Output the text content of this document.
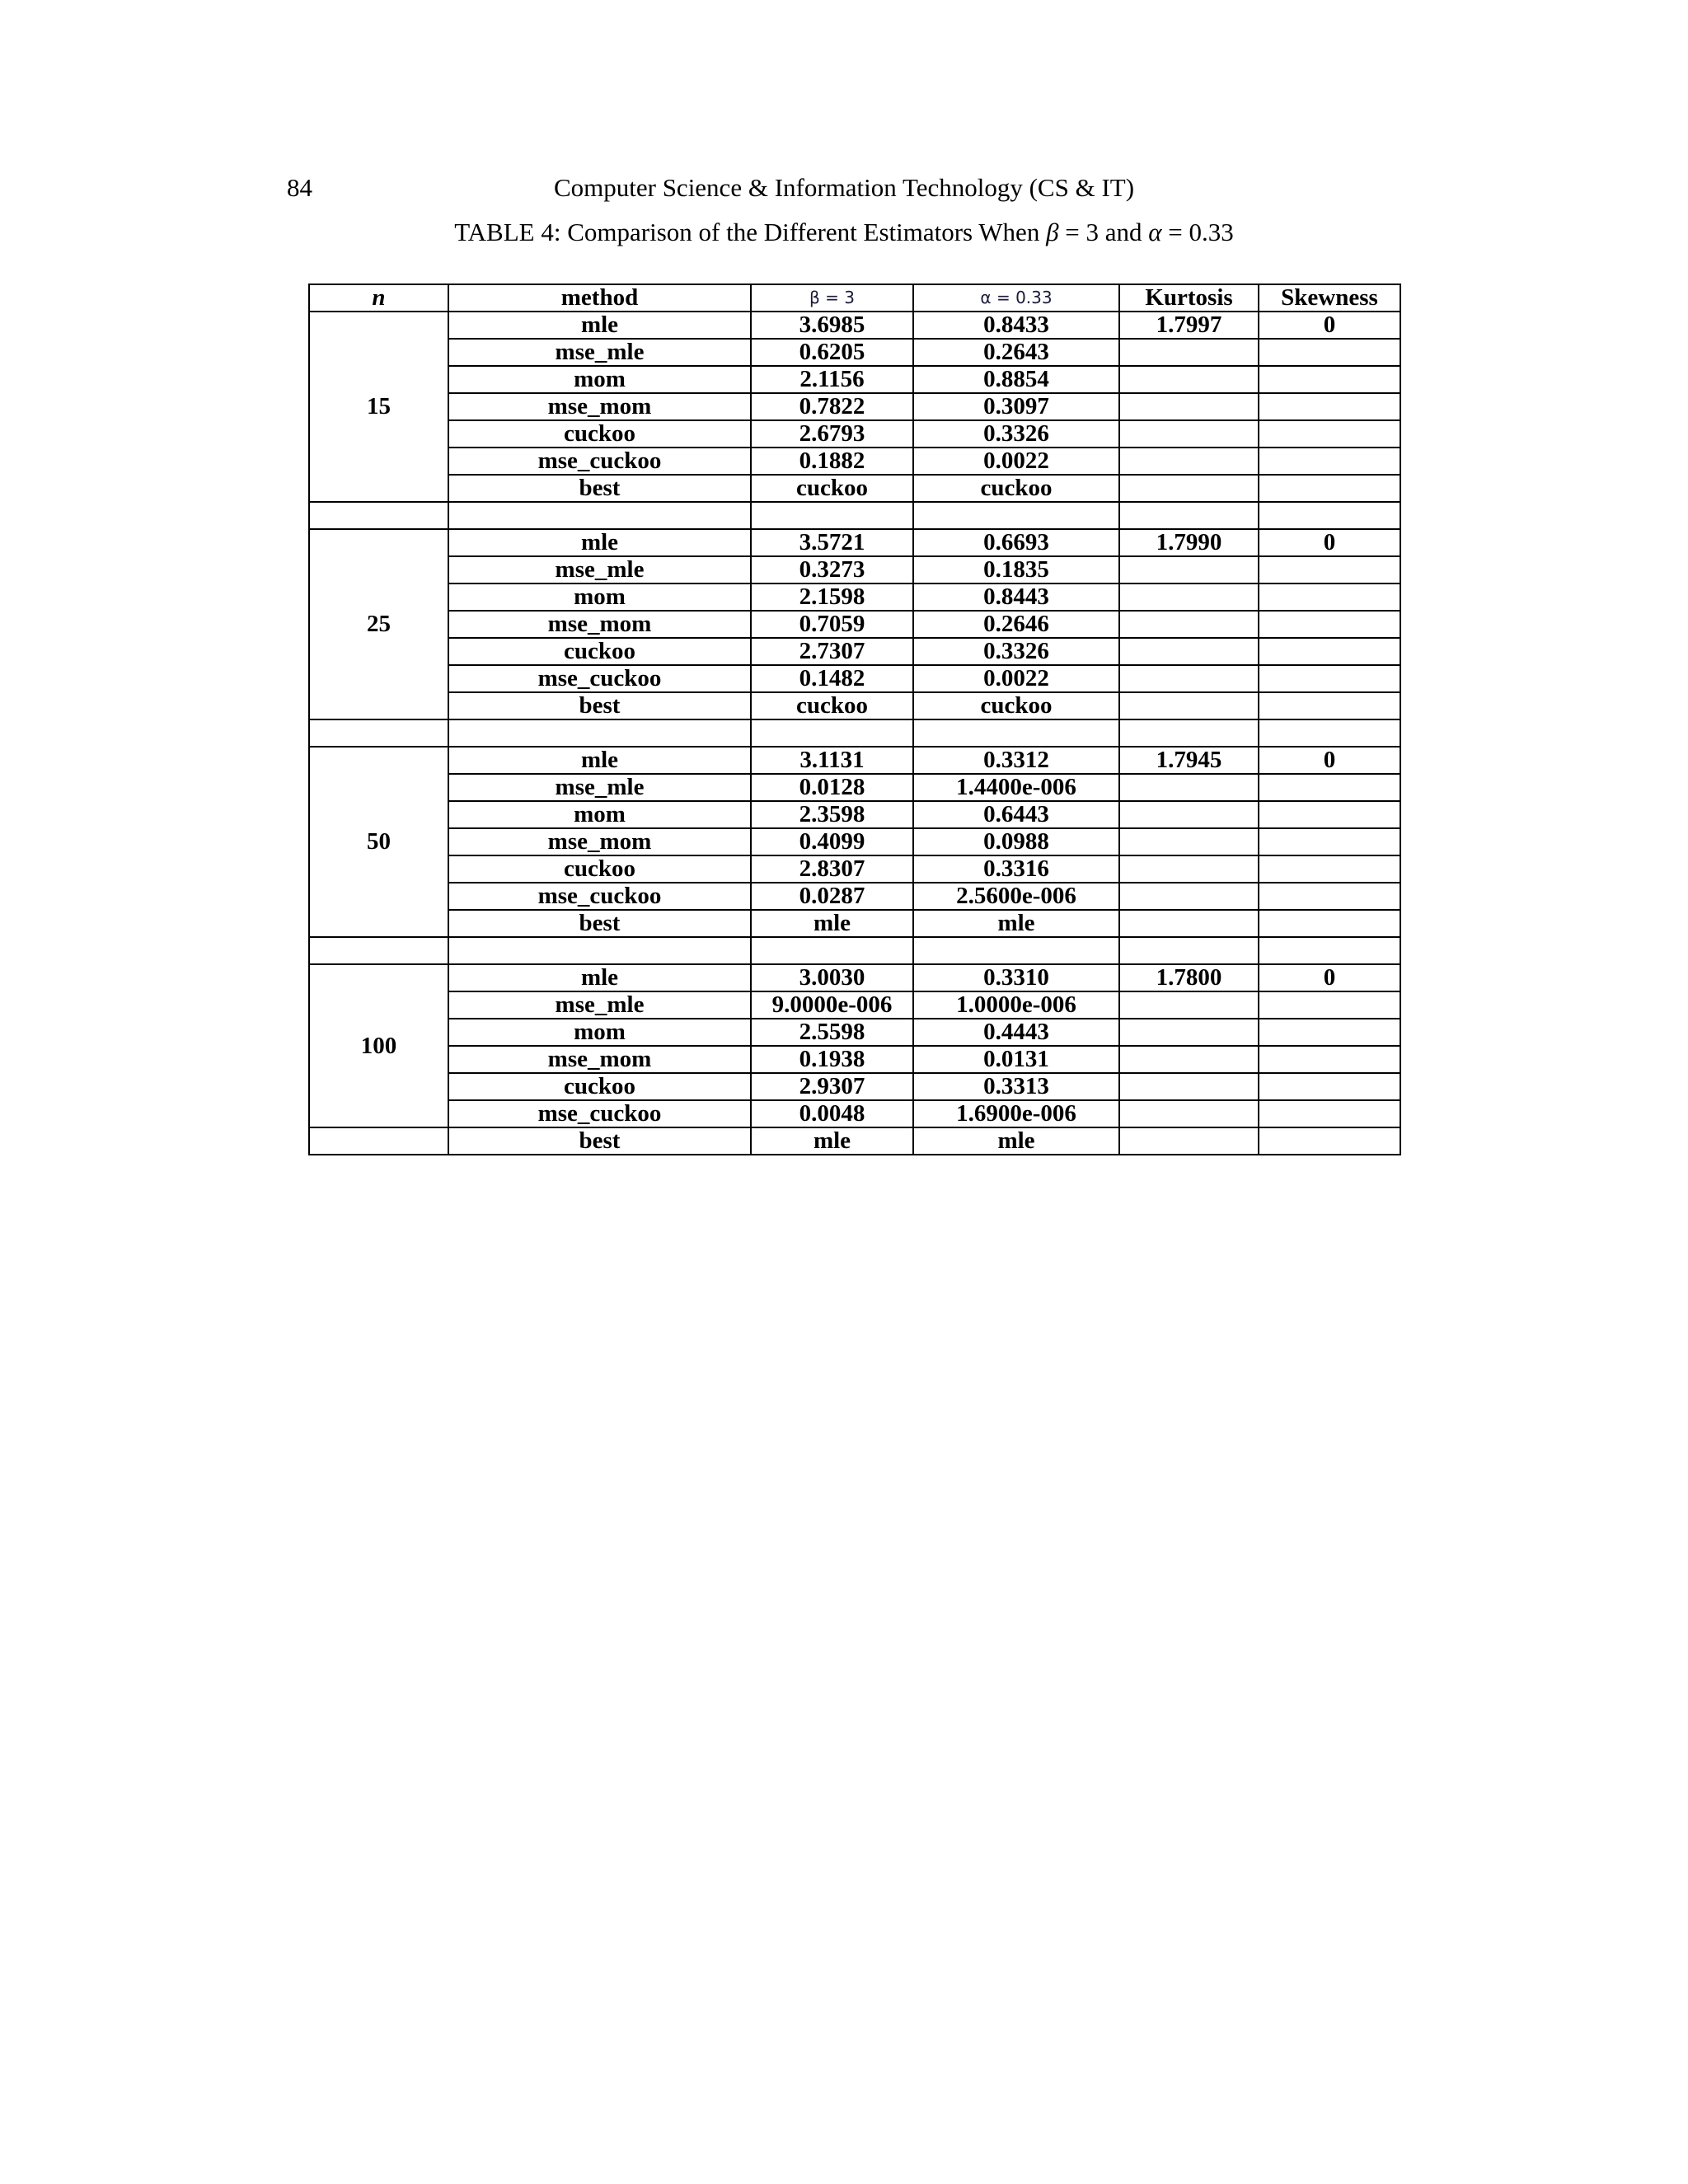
84	Computer Science & Information Technology (CS & IT)
TABLE 4: Comparison of the Different Estimators When β = 3 and α = 0.33
n	method	β = 3	α = 0.33	Kurtosis	Skewness
15	mle	3.6985	0.8433	1.7997	0
	mse_mle	0.6205	0.2643		
	mom	2.1156	0.8854		
	mse_mom	0.7822	0.3097		
	cuckoo	2.6793	0.3326		
	mse_cuckoo	0.1882	0.0022		
	best	cuckoo	cuckoo		

25	mle	3.5721	0.6693	1.7990	0
	mse_mle	0.3273	0.1835		
	mom	2.1598	0.8443		
	mse_mom	0.7059	0.2646		
	cuckoo	2.7307	0.3326		
	mse_cuckoo	0.1482	0.0022		
	best	cuckoo	cuckoo		

50	mle	3.1131	0.3312	1.7945	0
	mse_mle	0.0128	1.4400e-006		
	mom	2.3598	0.6443		
	mse_mom	0.4099	0.0988		
	cuckoo	2.8307	0.3316		
	mse_cuckoo	0.0287	2.5600e-006		
	best	mle	mle		

100	mle	3.0030	0.3310	1.7800	0
	mse_mle	9.0000e-006	1.0000e-006		
	mom	2.5598	0.4443		
	mse_mom	0.1938	0.0131		
	cuckoo	2.9307	0.3313		
	mse_cuckoo	0.0048	1.6900e-006		
	best	mle	mle		
